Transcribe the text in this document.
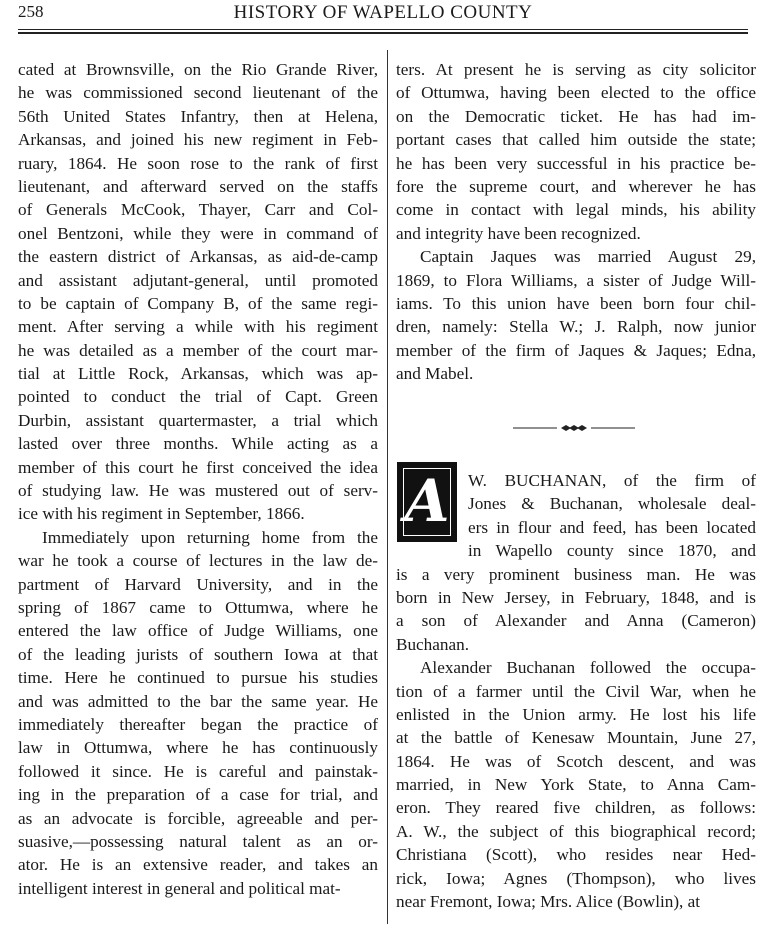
258	HISTORY OF WAPELLO COUNTY
cated at Brownsville, on the Rio Grande River,
he was commissioned second lieutenant of the
56th United States Infantry, then at Helena,
Arkansas, and joined his new regiment in Feb-
ruary, 1864. He soon rose to the rank of first
lieutenant, and afterward served on the staffs
of Generals McCook, Thayer, Carr and Col-
onel Bentzoni, while they were in command of
the eastern district of Arkansas, as aid-de-camp
and assistant adjutant-general, until promoted
to be captain of Company B, of the same regi-
ment. After serving a while with his regiment
he was detailed as a member of the court mar-
tial at Little Rock, Arkansas, which was ap-
pointed to conduct the trial of Capt. Green
Durbin, assistant quartermaster, a trial which
lasted over three months. While acting as a
member of this court he first conceived the idea
of studying law. He was mustered out of serv-
ice with his regiment in September, 1866.
Immediately upon returning home from the
war he took a course of lectures in the law de-
partment of Harvard University, and in the
spring of 1867 came to Ottumwa, where he
entered the law office of Judge Williams, one
of the leading jurists of southern Iowa at that
time. Here he continued to pursue his studies
and was admitted to the bar the same year. He
immediately thereafter began the practice of
law in Ottumwa, where he has continuously
followed it since. He is careful and painstak-
ing in the preparation of a case for trial, and
as an advocate is forcible, agreeable and per-
suasive,—possessing natural talent as an or-
ator. He is an extensive reader, and takes an
intelligent interest in general and political mat-
ters. At present he is serving as city solicitor
of Ottumwa, having been elected to the office
on the Democratic ticket. He has had im-
portant cases that called him outside the state;
he has been very successful in his practice be-
fore the supreme court, and wherever he has
come in contact with legal minds, his ability
and integrity have been recognized.
Captain Jaques was married August 29,
1869, to Flora Williams, a sister of Judge Will-
iams. To this union have been born four chil-
dren, namely: Stella W.; J. Ralph, now junior
member of the firm of Jaques & Jaques; Edna,
and Mabel.
A	W. BUCHANAN, of the firm of
Jones & Buchanan, wholesale deal-
ers in flour and feed, has been located
in Wapello county since 1870, and
is a very prominent business man. He was
born in New Jersey, in February, 1848, and is
a son of Alexander and Anna (Cameron)
Buchanan.
Alexander Buchanan followed the occupa-
tion of a farmer until the Civil War, when he
enlisted in the Union army. He lost his life
at the battle of Kenesaw Mountain, June 27,
1864. He was of Scotch descent, and was
married, in New York State, to Anna Cam-
eron. They reared five children, as follows:
A. W., the subject of this biographical record;
Christiana (Scott), who resides near Hed-
rick, Iowa; Agnes (Thompson), who lives
near Fremont, Iowa; Mrs. Alice (Bowlin), at
